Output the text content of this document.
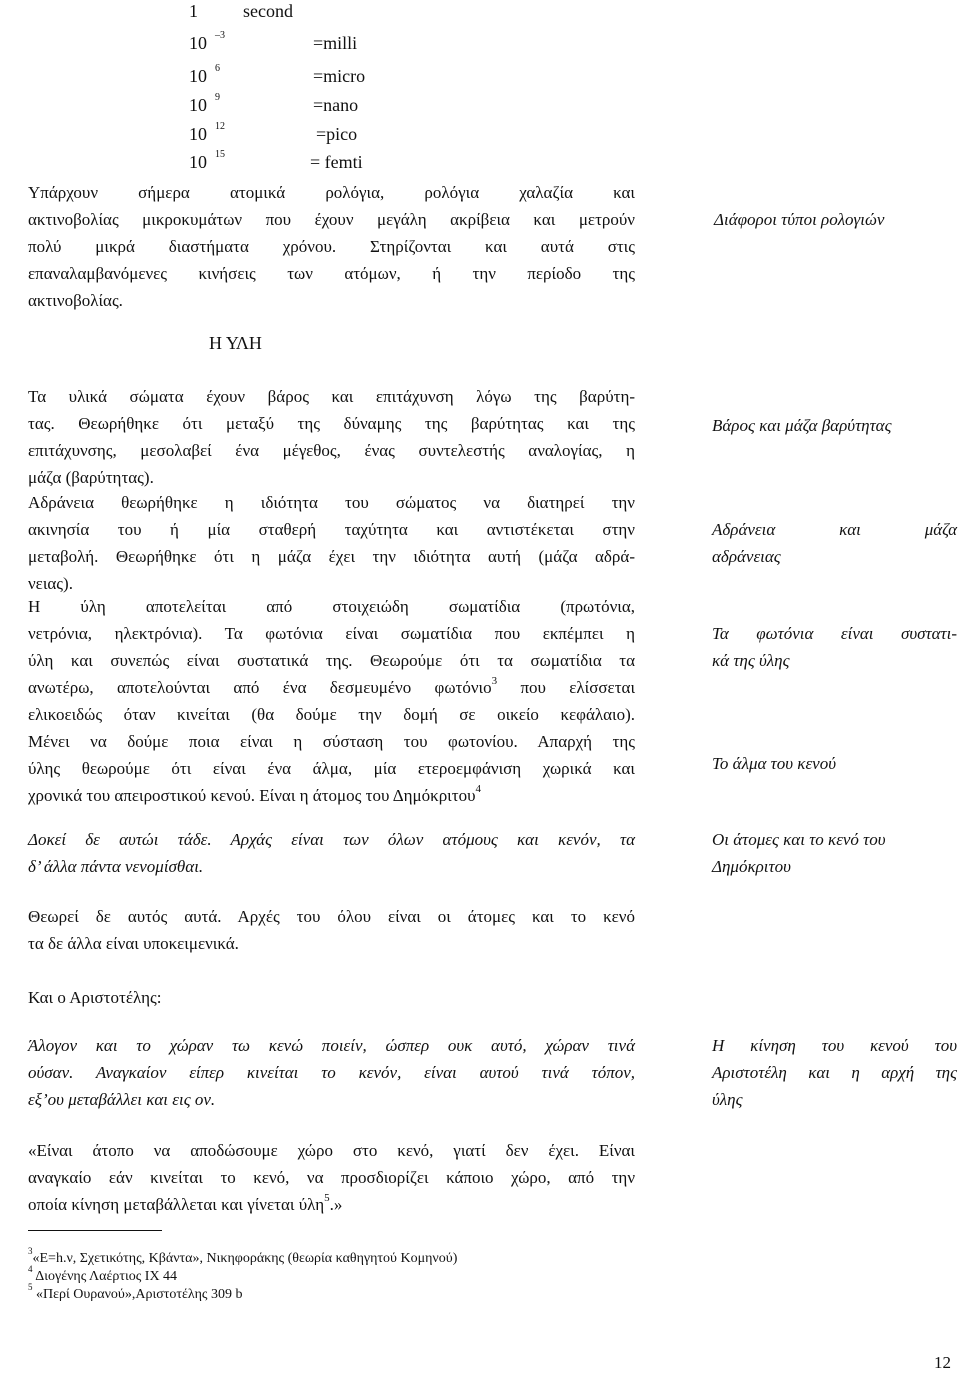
1	second
10 $^{-3}$	=milli
10 $^6$	=micro
10 $^9$	=nano
10 $^{12}$	=pico
10 $^{15}$	= femti
Υπάρχουν σήμερα ατομικά ρολόγια, ρολόγια χαλαζία και
ακτινοβολίας μικροκυμάτων που έχουν μεγάλη ακρίβεια και μετρούν
πολύ μικρά διαστήματα χρόνου. Στηρίζονται και αυτά στις
επαναλαμβανόμενες κινήσεις των ατόμων, ή την περίοδο της
ακτινοβολίας.
Διάφοροι τύποι ρολογιών
Η ΥΛΗ
Τα υλικά σώματα έχουν βάρος και επιτάχυνση λόγω της βαρύτη-
τας. Θεωρήθηκε ότι μεταξύ της δύναμης της βαρύτητας και της
επιτάχυνσης, μεσολαβεί ένα μέγεθος, ένας συντελεστής αναλογίας, η
μάζα (βαρύτητας).
Βάρος και μάζα βαρύτητας
Αδράνεια θεωρήθηκε η ιδιότητα του σώματος να διατηρεί την
ακινησία του ή μία σταθερή ταχύτητα και αντιστέκεται στην
μεταβολή. Θεωρήθηκε ότι η μάζα έχει την ιδιότητα αυτή (μάζα αδρά-
νειας).
Αδράνεια και μάζα
αδράνειας
Η ύλη αποτελείται από στοιχειώδη σωματίδια (πρωτόνια,
νετρόνια, ηλεκτρόνια). Τα φωτόνια είναι σωματίδια που εκπέμπει η
ύλη και συνεπώς είναι συστατικά της. Θεωρούμε ότι τα σωματίδια τα
ανωτέρω, αποτελούνται από ένα δεσμευμένο φωτόνιο$^3$ που ελίσσεται
ελικοειδώς όταν κινείται (θα δούμε την δομή σε οικείο κεφάλαιο).
Μένει να δούμε ποια είναι η σύσταση του φωτονίου. Απαρχή της
ύλης θεωρούμε ότι είναι ένα άλμα, μία ετεροεμφάνιση χωρικά και
χρονικά του απειροστικού κενού. Είναι η άτομος του Δημόκριτου$^4$
Τα φωτόνια είναι συστατι-
κά της ύλης
Το άλμα του κενού
Δοκεί δε αυτώι τάδε. Αρχάς είναι των όλων ατόμους και κενόν, τα
δ’ άλλα πάντα νενομίσθαι.
Οι άτομες και το κενό του
Δημόκριτου
Θεωρεί δε αυτός αυτά. Αρχές του όλου είναι οι άτομες και το κενό
τα δε άλλα είναι υποκειμενικά.
Και ο Αριστοτέλης:
Άλογον και το χώραν τω κενώ ποιείν, ώσπερ ουκ αυτό, χώραν τινά
ούσαν. Αναγκαίον είπερ κινείται το κενόν, είναι αυτού τινά τόπον,
εξ’ου μεταβάλλει και εις ον.
Η κίνηση του κενού του
Αριστοτέλη και η αρχή της
ύλης
«Είναι άτοπο να αποδώσουμε χώρο στο κενό, γιατί δεν έχει. Είναι
αναγκαίο εάν κινείται το κενό, να προσδιορίζει κάποιο χώρο, από την
οποία κίνηση μεταβάλλεται και γίνεται ύλη$^5$.»
$^3$«Ε=h.ν, Σχετικότης, Κβάντα», Νικηφοράκης (θεωρία καθηγητού Κομηνού)
$^4$ Διογένης Λαέρτιος ΙΧ 44
$^5$ «Περί Ουρανού»,Αριστοτέλης 309 b
12
